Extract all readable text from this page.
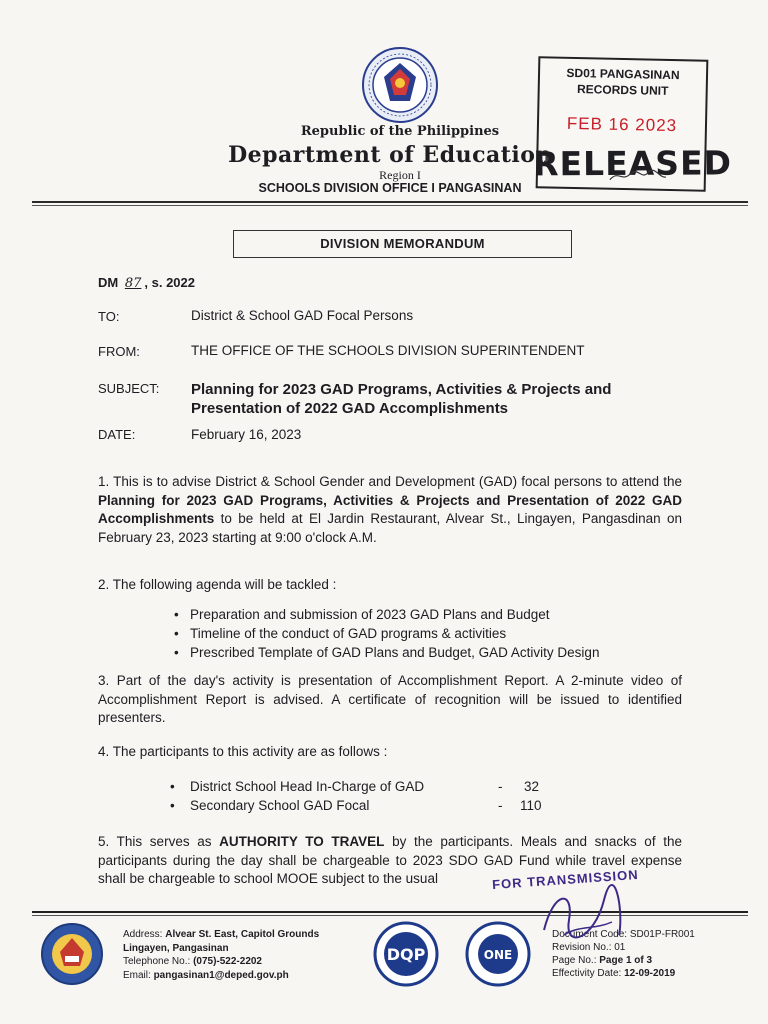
Republic of the Philippines
Department of Education
Region I
SCHOOLS DIVISION OFFICE I PANGASINAN
SD01 PANGASINAN
RECORDS UNIT
FEB 16 2023
RELEASED
DIVISION MEMORANDUM
DM 87 , s. 2022
TO:	District & School GAD Focal Persons
FROM:	THE OFFICE OF THE SCHOOLS DIVISION SUPERINTENDENT
SUBJECT: Planning for 2023 GAD Programs, Activities & Projects and
Presentation of 2022 GAD Accomplishments
DATE:	February 16, 2023
1. This is to advise District & School Gender and Development (GAD) focal persons to attend the Planning for 2023 GAD Programs, Activities & Projects and Presentation of 2022 GAD Accomplishments to be held at El Jardin Restaurant, Alvear St., Lingayen, Pangasdinan on February 23, 2023 starting at 9:00 o'clock A.M.
2. The following agenda will be tackled :
• Preparation and submission of 2023 GAD Plans and Budget
• Timeline of the conduct of GAD programs & activities
• Prescribed Template of GAD Plans and Budget, GAD Activity Design
3. Part of the day's activity is presentation of Accomplishment Report. A 2-minute video of Accomplishment Report is advised. A certificate of recognition will be issued to identified presenters.
4. The participants to this activity are as follows :
• District School Head In-Charge of GAD	- 32
• Secondary School GAD Focal	- 110
5. This serves as AUTHORITY TO TRAVEL by the participants. Meals and snacks of the participants during the day shall be chargeable to 2023 SDO GAD Fund while travel expense shall be chargeable to school MOOE subject to the usual	FOR TRANSMISSION
Address: Alvear St. East, Capitol Grounds
Lingayen, Pangasinan
Telephone No.: (075)-522-2202
Email: pangasinan1@deped.gov.ph
DQP	ONE
Document Code: SD01P-FR001
Revision No.: 01
Page No.: Page 1 of 3
Effectivity Date: 12-09-2019
